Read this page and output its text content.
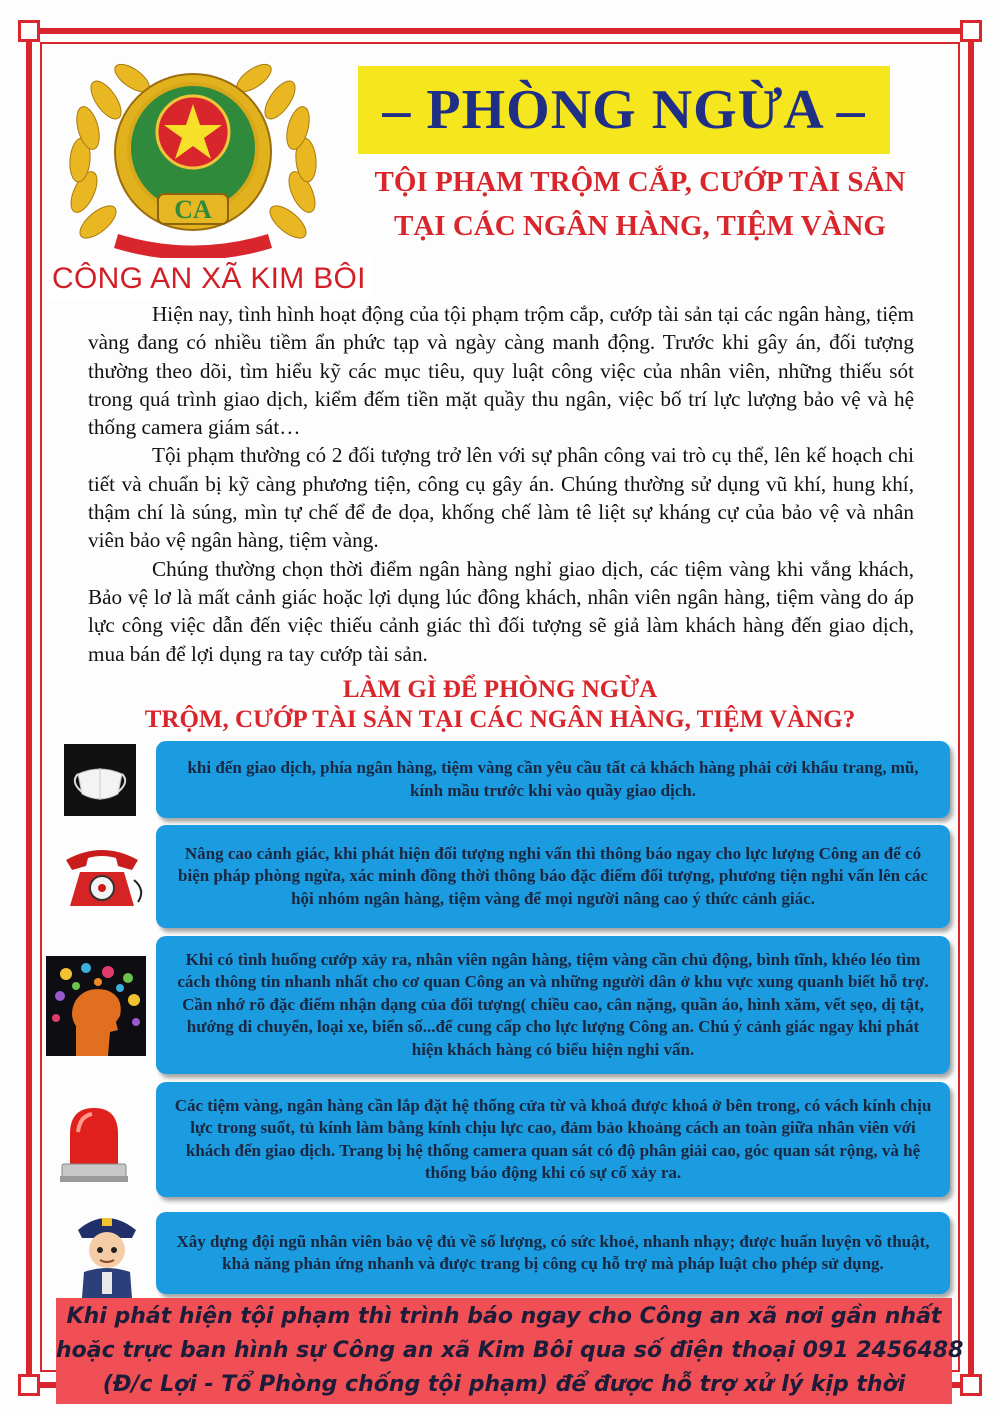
CA
CÔNG AN XÃ KIM BÔI
– PHÒNG NGỪA –
TỘI PHẠM TRỘM CẮP, CƯỚP TÀI SẢN
TẠI CÁC NGÂN HÀNG, TIỆM VÀNG

Hiện nay, tình hình hoạt động của tội phạm trộm cắp, cướp tài sản tại các ngân hàng, tiệm vàng đang có nhiều tiềm ẩn phức tạp và ngày càng manh động. Trước khi gây án, đối tượng thường theo dõi, tìm hiểu kỹ các mục tiêu, quy luật công việc của nhân viên, những thiếu sót trong quá trình giao dịch, kiểm đếm tiền mặt quầy thu ngân, việc bố trí lực lượng bảo vệ và hệ thống camera giám sát…

Tội phạm thường có 2 đối tượng trở lên với sự phân công vai trò cụ thể, lên kế hoạch chi tiết và chuẩn bị kỹ càng phương tiện, công cụ gây án. Chúng thường sử dụng vũ khí, hung khí, thậm chí là súng, mìn tự chế để đe dọa, khống chế làm tê liệt sự kháng cự của bảo vệ và nhân viên bảo vệ ngân hàng, tiệm vàng.

Chúng thường chọn thời điểm ngân hàng nghỉ giao dịch, các tiệm vàng khi vắng khách, Bảo vệ lơ là mất cảnh giác hoặc lợi dụng lúc đông khách, nhân viên ngân hàng, tiệm vàng do áp lực công việc dẫn đến việc thiếu cảnh giác thì đối tượng sẽ giả làm khách hàng đến giao dịch, mua bán để lợi dụng ra tay cướp tài sản.

LÀM GÌ ĐỂ PHÒNG NGỪA
TRỘM, CƯỚP TÀI SẢN TẠI CÁC NGÂN HÀNG, TIỆM VÀNG?
khi đến giao dịch, phía ngân hàng, tiệm vàng cần yêu cầu tất cả khách hàng phải cởi khẩu trang, mũ, kính mầu trước khi vào quầy giao dịch.
Nâng cao cảnh giác, khi phát hiện đối tượng nghi vấn thì thông báo ngay cho lực lượng Công an để có biện pháp phòng ngừa, xác minh đồng thời thông báo đặc điểm đối tượng, phương tiện nghi vấn lên các hội nhóm ngân hàng, tiệm vàng để mọi người nâng cao ý thức cảnh giác.
Khi có tình huống cướp xảy ra, nhân viên ngân hàng, tiệm vàng cần chủ động, bình tĩnh, khéo léo tìm cách thông tin nhanh nhất cho cơ quan Công an và những người dân ở khu vực xung quanh biết hỗ trợ. Cần nhớ rõ đặc điểm nhận dạng của đối tượng( chiều cao, cân nặng, quần áo, hình xăm, vết sẹo, dị tật, hướng di chuyển, loại xe, biển số...để cung cấp cho lực lượng Công an. Chú ý cảnh giác ngay khi phát hiện khách hàng có biểu hiện nghi vấn.
Các tiệm vàng, ngân hàng cần lắp đặt hệ thống cửa từ và khoá được khoá ở bên trong, có vách kính chịu lực trong suốt, tủ kính làm bằng kính chịu lực cao, đảm bảo khoảng cách an toàn giữa nhân viên với khách đến giao dịch. Trang bị hệ thống camera quan sát có độ phân giải cao, góc quan sát rộng, và hệ thống báo động khi có sự cố xảy ra.
Xây dựng đội ngũ nhân viên bảo vệ đủ về số lượng, có sức khoẻ, nhanh nhạy; được huấn luyện võ thuật, khả năng phản ứng nhanh và được trang bị công cụ hỗ trợ mà pháp luật cho phép sử dụng.
Khi phát hiện tội phạm thì trình báo ngay cho Công an xã nơi gần nhất
hoặc trực ban hình sự Công an xã Kim Bôi qua số điện thoại 091 2456488
(Đ/c Lợi - Tổ Phòng chống tội phạm) để được hỗ trợ xử lý kịp thời
